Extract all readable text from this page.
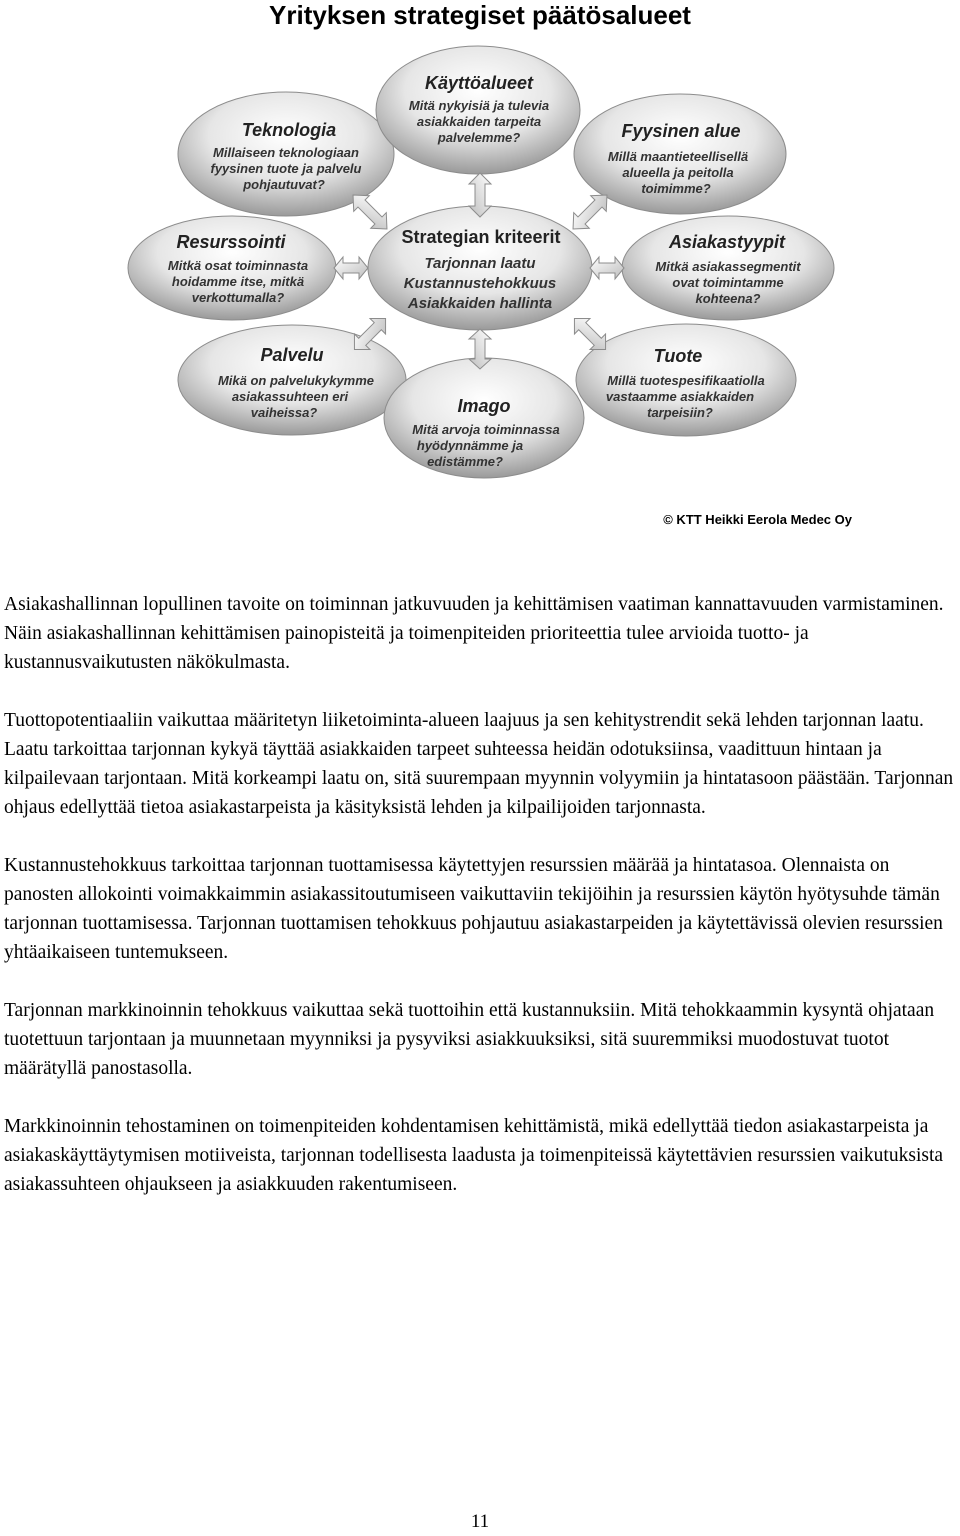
Yrityksen strategiset päätösalueet
Teknologia
Millaiseen teknologiaan
fyysinen tuote ja palvelu
pohjautuvat?
Käyttöalueet
Mitä nykyisiä ja tulevia
asiakkaiden tarpeita
palvelemme?	Fyysinen alue
Millä maantieteellisellä
alueella ja peitolla
toimimme?
Resurssointi
Mitkä osat toiminnasta
hoidamme itse, mitkä
verkottumalla?
Strategian kriteerit
Tarjonnan laatu
Kustannustehokkuus
Asiakkaiden hallinta
Asiakastyypit
Mitkä asiakassegmentit
ovat toimintamme
kohteena?
Palvelu
Mikä on palvelukykymme
asiakassuhteen eri
vaiheissa?	Imago
Mitä arvoja toiminnassa
hyödynnämme ja
edistämme?
Tuote
Millä tuotespesifikaatiolla
vastaamme asiakkaiden
tarpeisiin?
© KTT Heikki Eerola Medec Oy

Asiakashallinnan lopullinen tavoite on toiminnan jatkuvuuden ja kehittämisen vaatiman kannattavuuden varmistaminen. Näin asiakashallinnan kehittämisen painopisteitä ja toimenpiteiden prioriteettia tulee arvioida tuotto- ja kustannusvaikutusten näkökulmasta.

Tuottopotentiaaliin vaikuttaa määritetyn liiketoiminta-alueen laajuus ja sen kehitystrendit sekä lehden tarjonnan laatu. Laatu tarkoittaa tarjonnan kykyä täyttää asiakkaiden tarpeet suhteessa heidän odotuksiinsa, vaadittuun hintaan ja kilpailevaan tarjontaan. Mitä korkeampi laatu on, sitä suurempaan myynnin volyymiin ja hintatasoon päästään. Tarjonnan ohjaus edellyttää tietoa asiakastarpeista ja käsityksistä lehden ja kilpailijoiden tarjonnasta.

Kustannustehokkuus tarkoittaa tarjonnan tuottamisessa käytettyjen resurssien määrää ja hintatasoa. Olennaista on panosten allokointi voimakkaimmin asiakassitoutumiseen vaikuttaviin tekijöihin ja resurssien käytön hyötysuhde tämän tarjonnan tuottamisessa. Tarjonnan tuottamisen tehokkuus pohjautuu asiakastarpeiden ja käytettävissä olevien resurssien yhtäaikaiseen tuntemukseen.

Tarjonnan markkinoinnin tehokkuus vaikuttaa sekä tuottoihin että kustannuksiin. Mitä tehokkaammin kysyntä ohjataan tuotettuun tarjontaan ja muunnetaan myynniksi ja pysyviksi asiakkuuksiksi, sitä suuremmiksi muodostuvat tuotot määrätyllä panostasolla.

Markkinoinnin tehostaminen on toimenpiteiden kohdentamisen kehittämistä, mikä edellyttää tiedon asiakastarpeista ja asiakaskäyttäytymisen motiiveista, tarjonnan todellisesta laadusta ja toimenpiteissä käytettävien resurssien vaikutuksista asiakassuhteen ohjaukseen ja asiakkuuden rakentumiseen.

11
